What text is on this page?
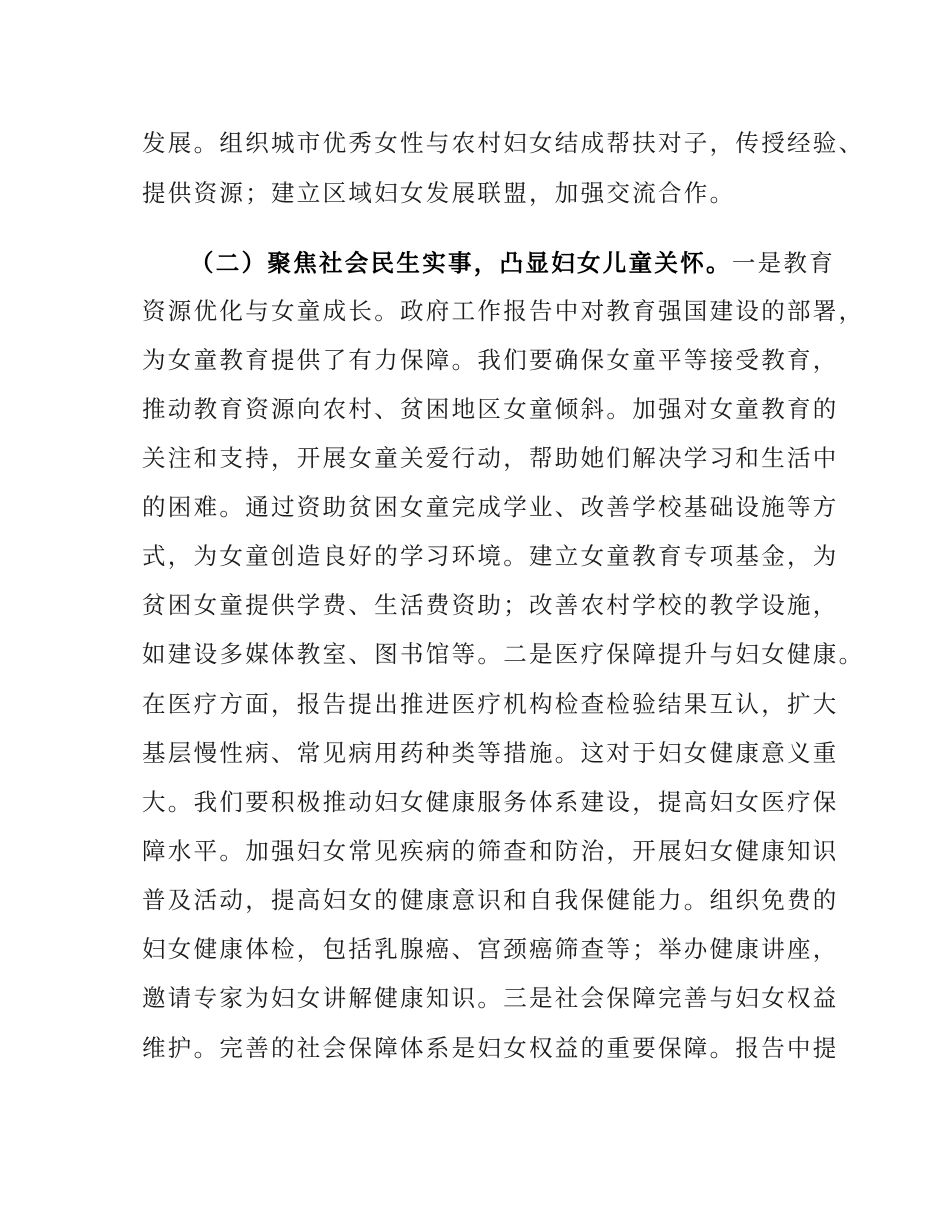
发展。组织城市优秀女性与农村妇女结成帮扶对子，传授经验、
提供资源；建立区域妇女发展联盟，加强交流合作。
（二）聚焦社会民生实事，凸显妇女儿童关怀。一是教育
资源优化与女童成长。政府工作报告中对教育强国建设的部署，
为女童教育提供了有力保障。我们要确保女童平等接受教育，
推动教育资源向农村、贫困地区女童倾斜。加强对女童教育的
关注和支持，开展女童关爱行动，帮助她们解决学习和生活中
的困难。通过资助贫困女童完成学业、改善学校基础设施等方
式，为女童创造良好的学习环境。建立女童教育专项基金，为
贫困女童提供学费、生活费资助；改善农村学校的教学设施，
如建设多媒体教室、图书馆等。二是医疗保障提升与妇女健康。
在医疗方面，报告提出推进医疗机构检查检验结果互认，扩大
基层慢性病、常见病用药种类等措施。这对于妇女健康意义重
大。我们要积极推动妇女健康服务体系建设，提高妇女医疗保
障水平。加强妇女常见疾病的筛查和防治，开展妇女健康知识
普及活动，提高妇女的健康意识和自我保健能力。组织免费的
妇女健康体检，包括乳腺癌、宫颈癌筛查等；举办健康讲座，
邀请专家为妇女讲解健康知识。三是社会保障完善与妇女权益
维护。完善的社会保障体系是妇女权益的重要保障。报告中提
